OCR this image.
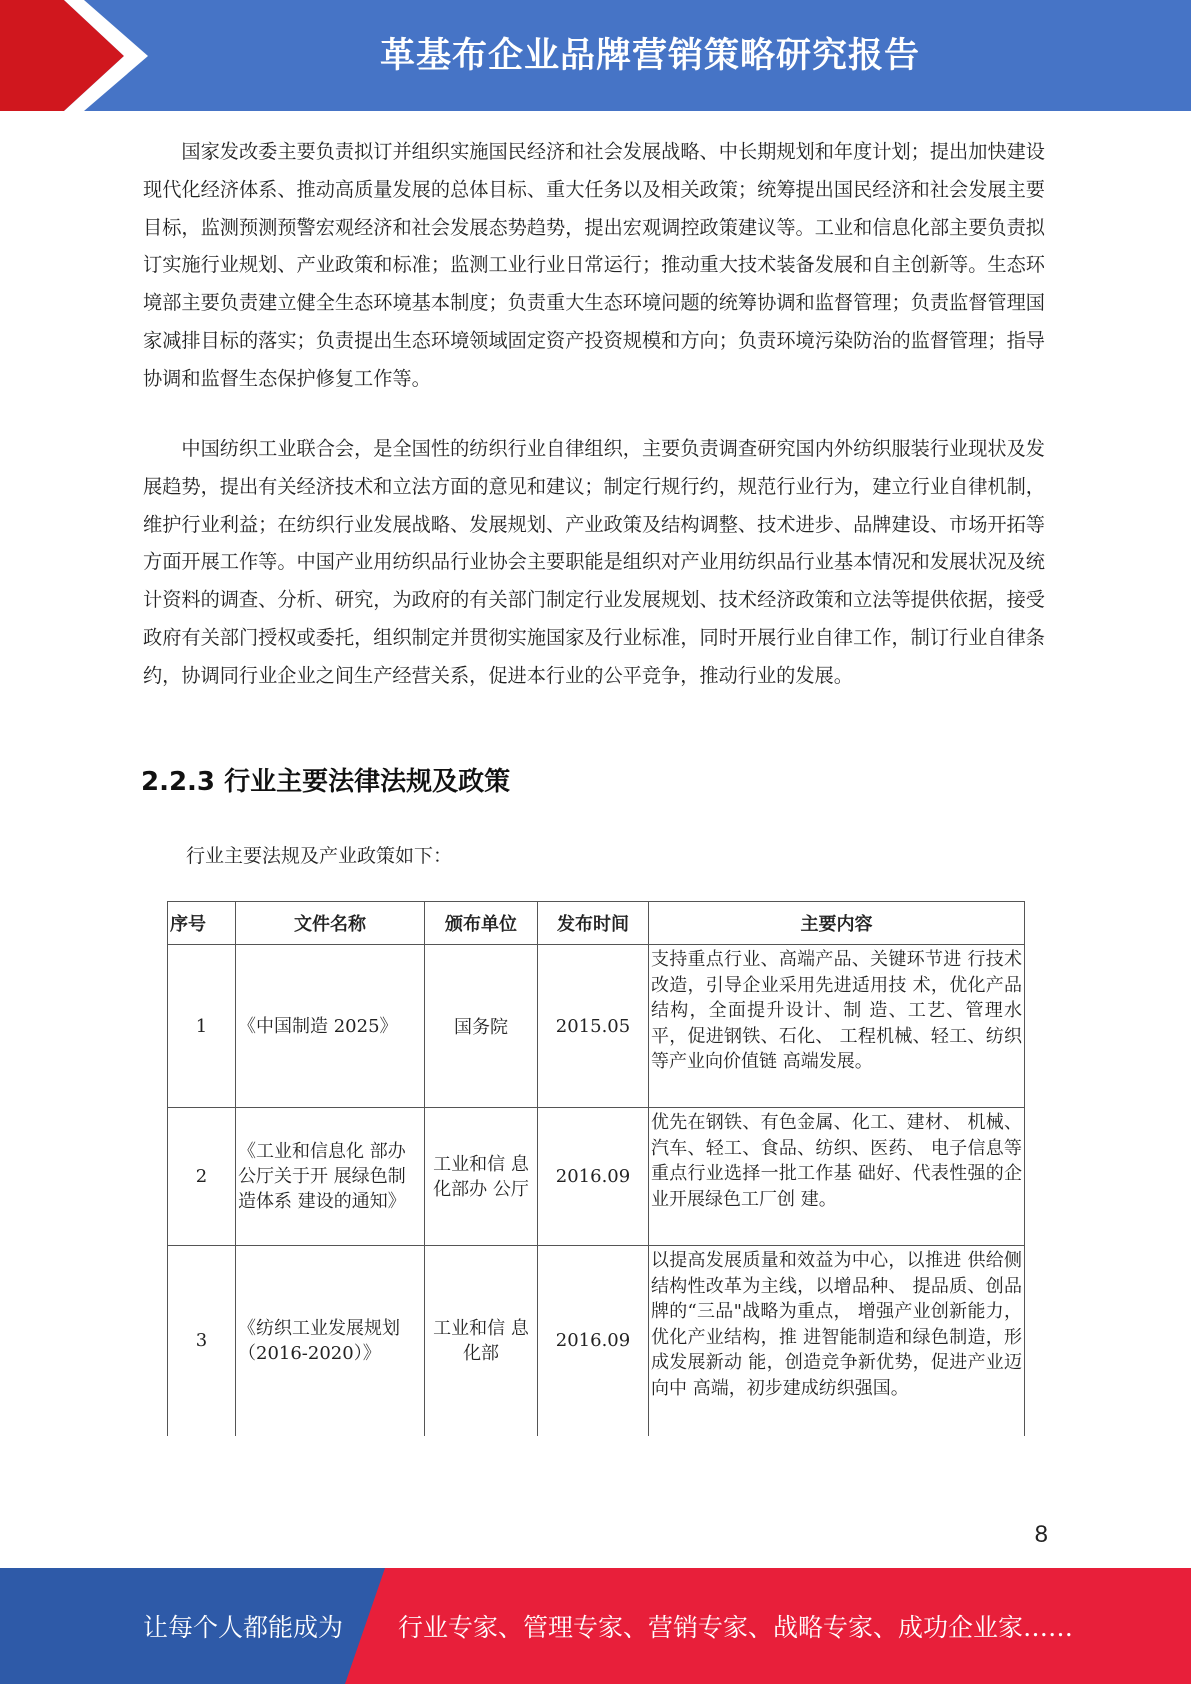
革基布企业品牌营销策略研究报告

国家发改委主要负责拟订并组织实施国民经济和社会发展战略、中长期规划和年度计划；提出加快建设现代化经济体系、推动高质量发展的总体目标、重大任务以及相关政策；统筹提出国民经济和社会发展主要目标，监测预测预警宏观经济和社会发展态势趋势，提出宏观调控政策建议等。工业和信息化部主要负责拟订实施行业规划、产业政策和标准；监测工业行业日常运行；推动重大技术装备发展和自主创新等。生态环境部主要负责建立健全生态环境基本制度；负责重大生态环境问题的统筹协调和监督管理；负责监督管理国家减排目标的落实；负责提出生态环境领域固定资产投资规模和方向；负责环境污染防治的监督管理；指导协调和监督生态保护修复工作等。

中国纺织工业联合会，是全国性的纺织行业自律组织，主要负责调查研究国内外纺织服装行业现状及发展趋势，提出有关经济技术和立法方面的意见和建议；制定行规行约，规范行业行为，建立行业自律机制，维护行业利益；在纺织行业发展战略、发展规划、产业政策及结构调整、技术进步、品牌建设、市场开拓等方面开展工作等。中国产业用纺织品行业协会主要职能是组织对产业用纺织品行业基本情况和发展状况及统计资料的调查、分析、研究，为政府的有关部门制定行业发展规划、技术经济政策和立法等提供依据，接受政府有关部门授权或委托，组织制定并贯彻实施国家及行业标准，同时开展行业自律工作，制订行业自律条约，协调同行业企业之间生产经营关系，促进本行业的公平竞争，推动行业的发展。

2.2.3 行业主要法律法规及政策

行业主要法规及产业政策如下：

序号	文件名称	颁布单位	发布时间	主要内容
1	《中国制造 2025》	国务院	2015.05	支持重点行业、高端产品、关键环节进 行技术改造，引导企业采用先进适用技 术，优化产品结构，全面提升设计、制 造、工艺、管理水平，促进钢铁、石化、 工程机械、轻工、纺织等产业向价值链 高端发展。
2	《工业和信息化 部办公厅关于开 展绿色制造体系 建设的通知》	工业和信 息化部办 公厅	2016.09	优先在钢铁、有色金属、化工、建材、 机械、汽车、轻工、食品、纺织、医药、 电子信息等重点行业选择一批工作基 础好、代表性强的企业开展绿色工厂创 建。
3	《纺织工业发展规划（2016-2020）》	工业和信 息化部	2016.09	以提高发展质量和效益为中心，以推进 供给侧结构性改革为主线，以增品种、 提品质、创品牌的“三品"战略为重点， 增强产业创新能力，优化产业结构，推 进智能制造和绿色制造，形成发展新动 能，创造竞争新优势，促进产业迈向中 高端，初步建成纺织强国。
8
让每个人都能成为 行业专家、管理专家、营销专家、战略专家、成功企业家……
